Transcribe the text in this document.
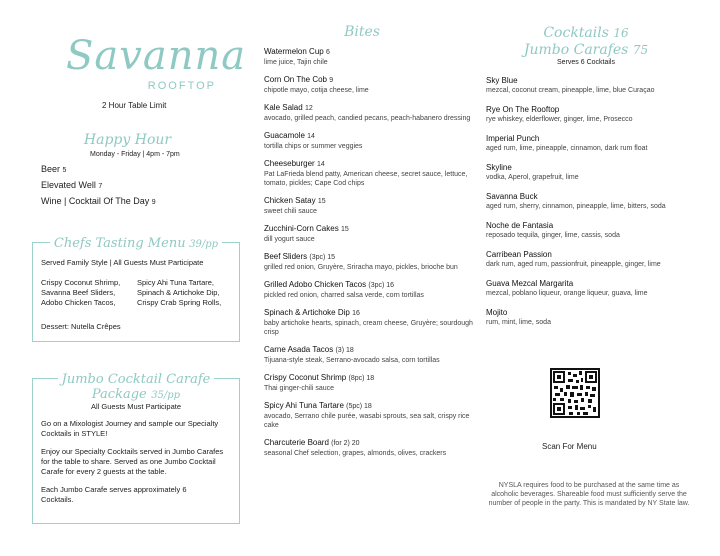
Savanna
ROOFTOP
2 Hour Table Limit
Happy Hour
Monday - Friday | 4pm - 7pm
Beer 5
Elevated Well 7
Wine | Cocktail Of The Day 9
Chefs Tasting Menu 39/pp
Served Family Style | All Guests Must Participate
Crispy Coconut Shrimp,
Savanna Beef Sliders,
Adobo Chicken Tacos,
Spicy Ahi Tuna Tartare,
Spinach & Artichoke Dip,
Crispy Crab Spring Rolls,
Dessert: Nutella Crêpes
Jumbo Cocktail Carafe
Package 35/pp
All Guests Must Participate
Go on a Mixologist Journey and sample our Specialty Cocktails in STYLE!
Enjoy our Specialty Cocktails served in Jumbo Carafes for the table to share. Served as one Jumbo Cocktail Carafe for every 2 guests at the table.
Each Jumbo Carafe serves approximately 6 Cocktails.
Bites
Watermelon Cup 6
lime juice, Tajin chile
Corn On The Cob 9
chipotle mayo, cotija cheese, lime
Kale Salad 12
avocado, grilled peach, candied pecans, peach-habanero dressing
Guacamole 14
tortilla chips or summer veggies
Cheeseburger 14
Pat LaFrieda blend patty, American cheese, secret sauce, lettuce, tomato, pickles; Cape Cod chips
Chicken Satay 15
sweet chili sauce
Zucchini-Corn Cakes 15
dill yogurt sauce
Beef Sliders (3pc) 15
grilled red onion, Gruyère, Sriracha mayo, pickles, brioche bun
Grilled Adobo Chicken Tacos (3pc) 16
pickled red onion, charred salsa verde, corn tortillas
Spinach & Artichoke Dip 16
baby artichoke hearts, spinach, cream cheese, Gruyère; sourdough crisp
Carne Asada Tacos (3) 18
Tijuana-style steak, Serrano-avocado salsa, corn tortillas
Crispy Coconut Shrimp (8pc) 18
Thai ginger-chili sauce
Spicy Ahi Tuna Tartare (5pc) 18
avocado, Serrano chile purée, wasabi sprouts, sea salt, crispy rice cake
Charcuterie Board (for 2) 20
seasonal Chef selection, grapes, almonds, olives, crackers
Cocktails 16
Jumbo Carafes 75
Serves 6 Cocktails
Sky Blue
mezcal, coconut cream, pineapple, lime, blue Curaçao
Rye On The Rooftop
rye whiskey, elderflower, ginger, lime, Prosecco
Imperial Punch
aged rum, lime, pineapple, cinnamon, dark rum float
Skyline
vodka, Aperol, grapefruit, lime
Savanna Buck
aged rum, sherry, cinnamon, pineapple, lime, bitters, soda
Noche de Fantasia
reposado tequila, ginger, lime, cassis, soda
Carribean Passion
dark rum, aged rum, passionfruit, pineapple, ginger, lime
Guava Mezcal Margarita
mezcal, poblano liqueur, orange liqueur, guava, lime
Mojito
rum, mint, lime, soda
Scan For Menu
NYSLA requires food to be purchased at the same time as alcoholic beverages. Shareable food must sufficiently serve the number of people in the party. This is mandated by NY State law.
